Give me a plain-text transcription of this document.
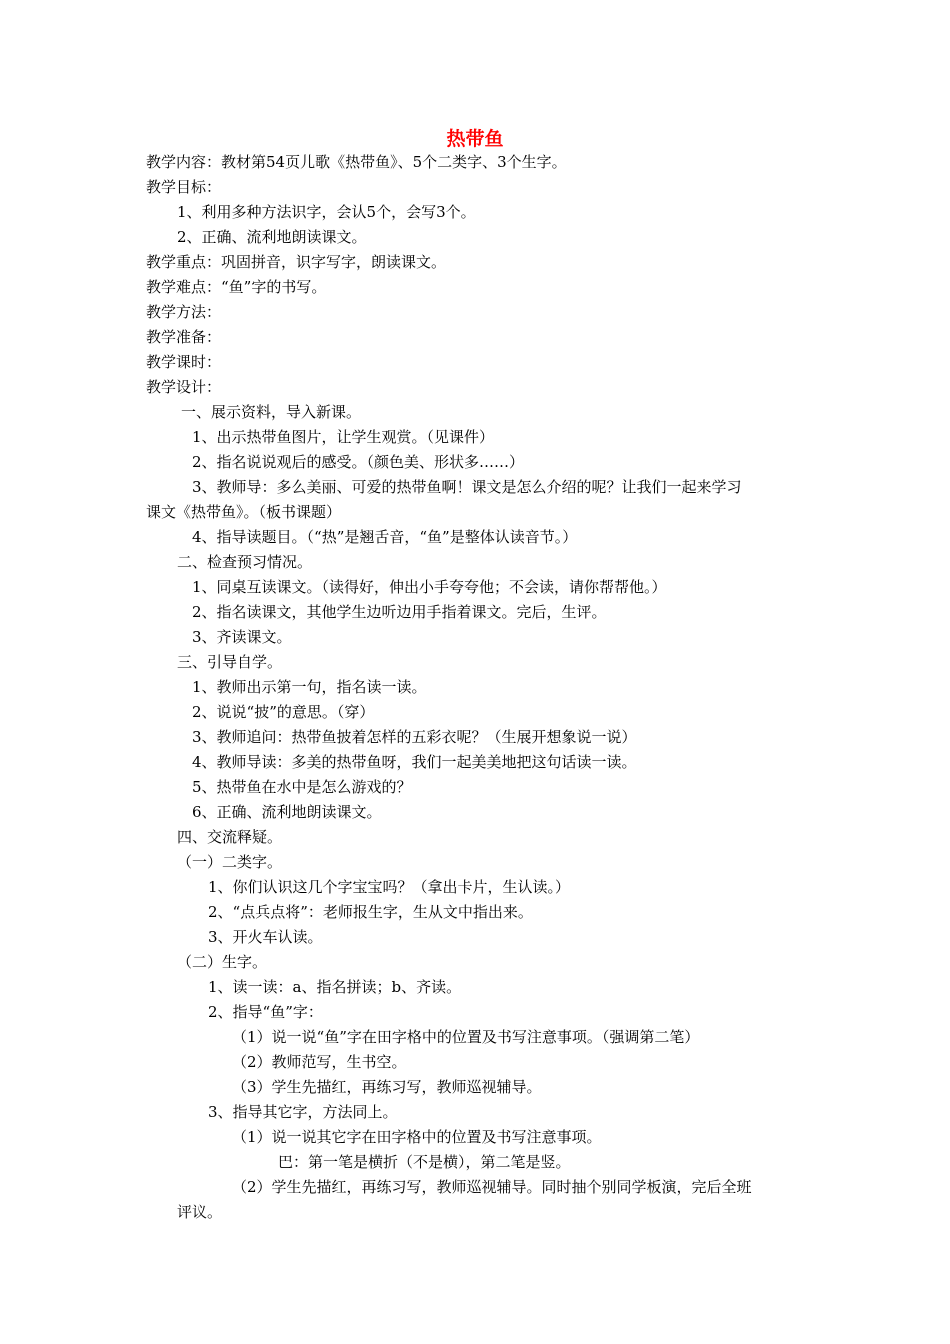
热带鱼
教学内容：教材第54页儿歌《热带鱼》、5个二类字、3个生字。
教学目标：
1、利用多种方法识字，会认5个，会写3个。
2、正确、流利地朗读课文。
教学重点：巩固拼音，识字写字，朗读课文。
教学难点：“鱼”字的书写。
教学方法：
教学准备：
教学课时：
教学设计：
一、展示资料，导入新课。
1、出示热带鱼图片，让学生观赏。（见课件）
2、指名说说观后的感受。（颜色美、形状多……）
3、教师导：多么美丽、可爱的热带鱼啊！课文是怎么介绍的呢？让我们一起来学习
课文《热带鱼》。（板书课题）
4、指导读题目。（“热”是翘舌音，“鱼”是整体认读音节。）
二、检查预习情况。
1、同桌互读课文。（读得好，伸出小手夸夸他；不会读，请你帮帮他。）
2、指名读课文，其他学生边听边用手指着课文。完后，生评。
3、齐读课文。
三、引导自学。
1、教师出示第一句，指名读一读。
2、说说“披”的意思。（穿）
3、教师追问：热带鱼披着怎样的五彩衣呢？（生展开想象说一说）
4、教师导读：多美的热带鱼呀，我们一起美美地把这句话读一读。
5、热带鱼在水中是怎么游戏的？
6、正确、流利地朗读课文。
四、交流释疑。
（一）二类字。
1、你们认识这几个字宝宝吗？（拿出卡片，生认读。）
2、“点兵点将”：老师报生字，生从文中指出来。
3、开火车认读。
（二）生字。
1、读一读：a、指名拼读；b、齐读。
2、指导“鱼”字：
（1）说一说“鱼”字在田字格中的位置及书写注意事项。（强调第二笔）
（2）教师范写，生书空。
（3）学生先描红，再练习写，教师巡视辅导。
3、指导其它字，方法同上。
（1）说一说其它字在田字格中的位置及书写注意事项。
巴：第一笔是横折（不是横），第二笔是竖。
（2）学生先描红，再练习写，教师巡视辅导。同时抽个别同学板演，完后全班
评议。
